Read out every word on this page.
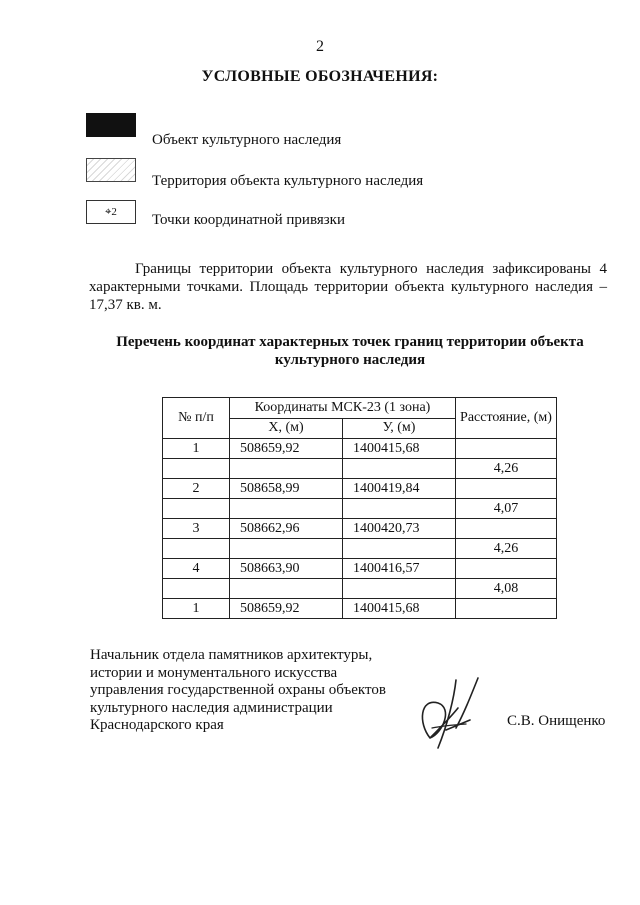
2
УСЛОВНЫЕ ОБОЗНАЧЕНИЯ:
Объект культурного наследия
Территория объекта культурного наследия
⌖2
Точки координатной привязки
Границы территории объекта культурного наследия зафиксированы 4 характерными точками. Площадь территории объекта культурного наследия – 17,37 кв. м.
Перечень координат характерных точек границ территории объекта
культурного наследия
№ п/п	Координаты МСК-23 (1 зона)		Расстояние, (м)
	X, (м)	У, (м)	
1	508659,92	1400415,68	
			4,26
2	508658,99	1400419,84	
			4,07
3	508662,96	1400420,73	
			4,26
4	508663,90	1400416,57	
			4,08
1	508659,92	1400415,68	
Начальник отдела памятников архитектуры,
истории и монументального искусства
управления государственной охраны объектов
культурного наследия администрации
Краснодарского края	С.В. Онищенко
